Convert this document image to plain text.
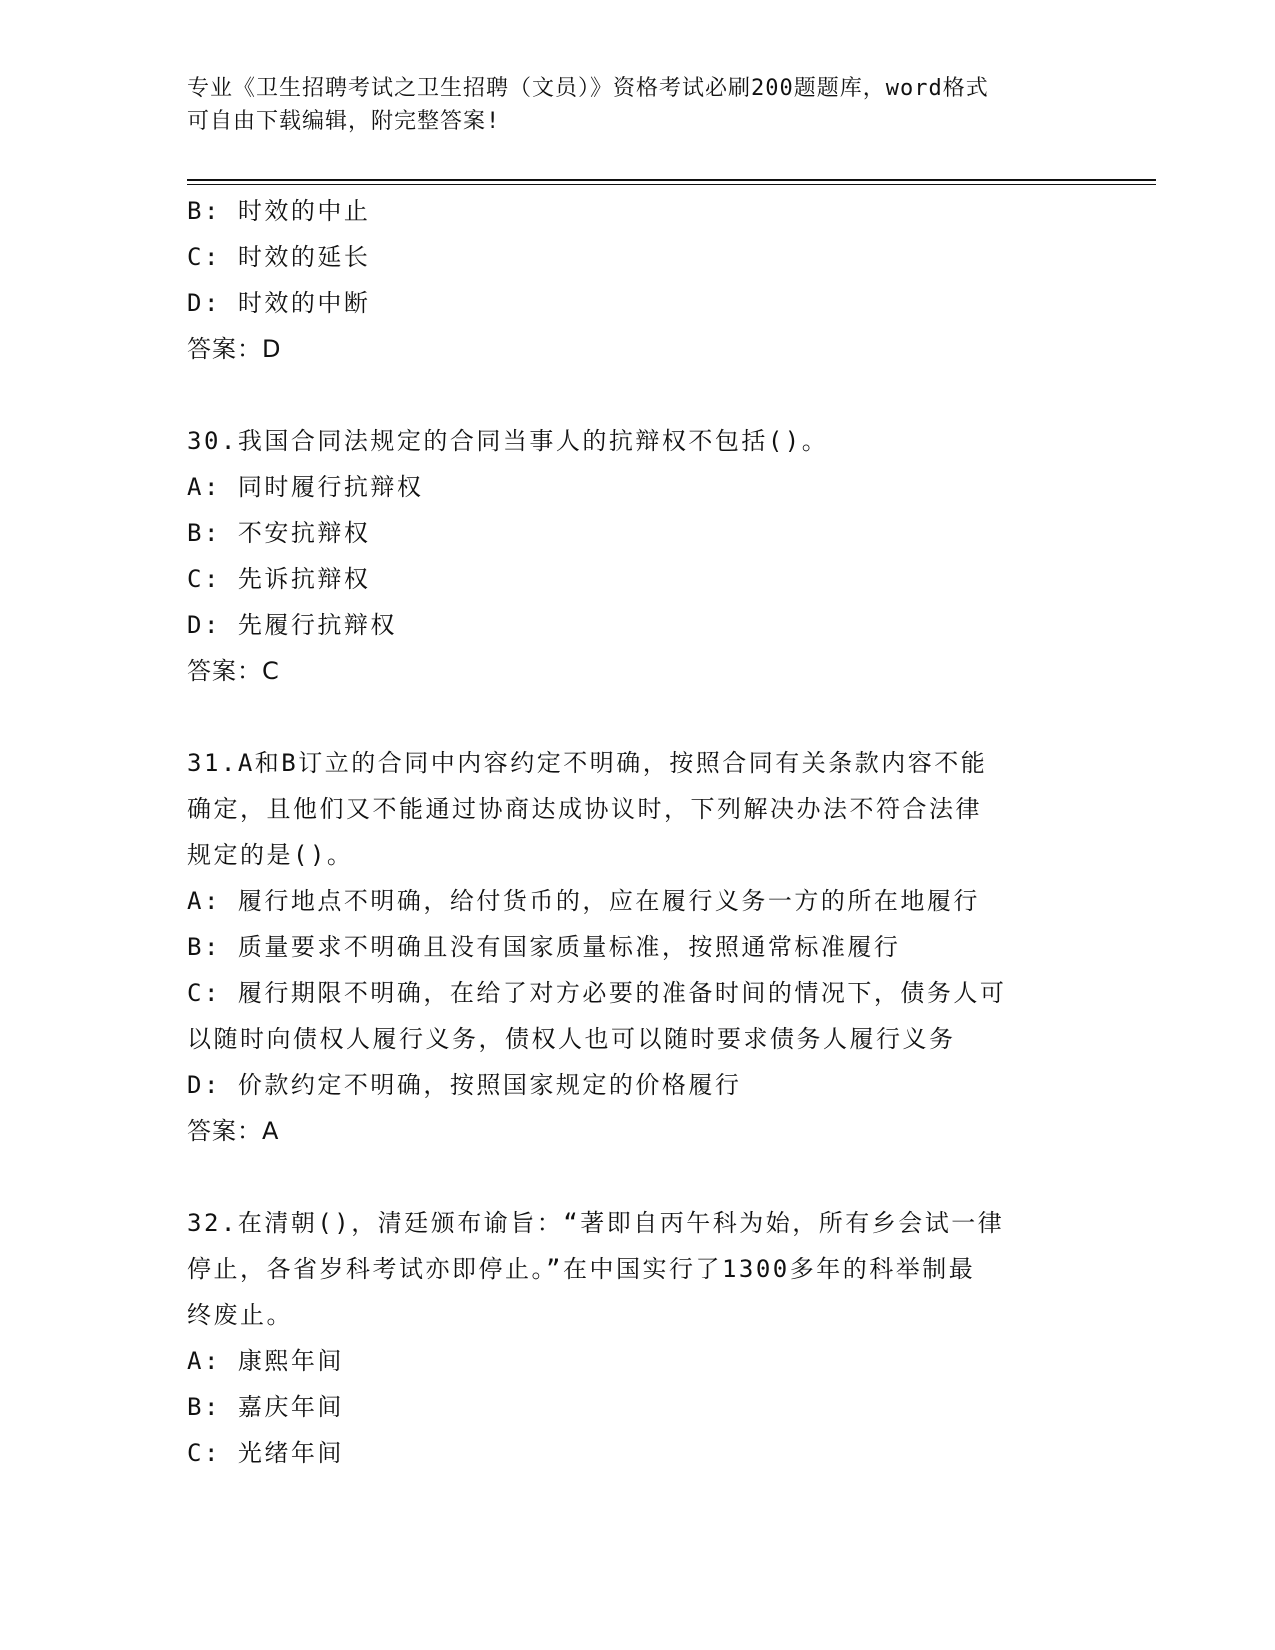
专业《卫生招聘考试之卫生招聘（文员）》资格考试必刷200题题库，word格式
可自由下载编辑，附完整答案!
B: 时效的中止
C: 时效的延长
D: 时效的中断
答案：D
30.我国合同法规定的合同当事人的抗辩权不包括()。
A: 同时履行抗辩权
B: 不安抗辩权
C: 先诉抗辩权
D: 先履行抗辩权
答案：C
31.A和B订立的合同中内容约定不明确，按照合同有关条款内容不能
确定，且他们又不能通过协商达成协议时，下列解决办法不符合法律
规定的是()。
A: 履行地点不明确，给付货币的，应在履行义务一方的所在地履行
B: 质量要求不明确且没有国家质量标准，按照通常标准履行
C: 履行期限不明确，在给了对方必要的准备时间的情况下，债务人可
以随时向债权人履行义务，债权人也可以随时要求债务人履行义务
D: 价款约定不明确，按照国家规定的价格履行
答案：A
32.在清朝()，清廷颁布谕旨：“著即自丙午科为始，所有乡会试一律
停止，各省岁科考试亦即停止。”在中国实行了1300多年的科举制最
终废止。
A: 康熙年间
B: 嘉庆年间
C: 光绪年间
